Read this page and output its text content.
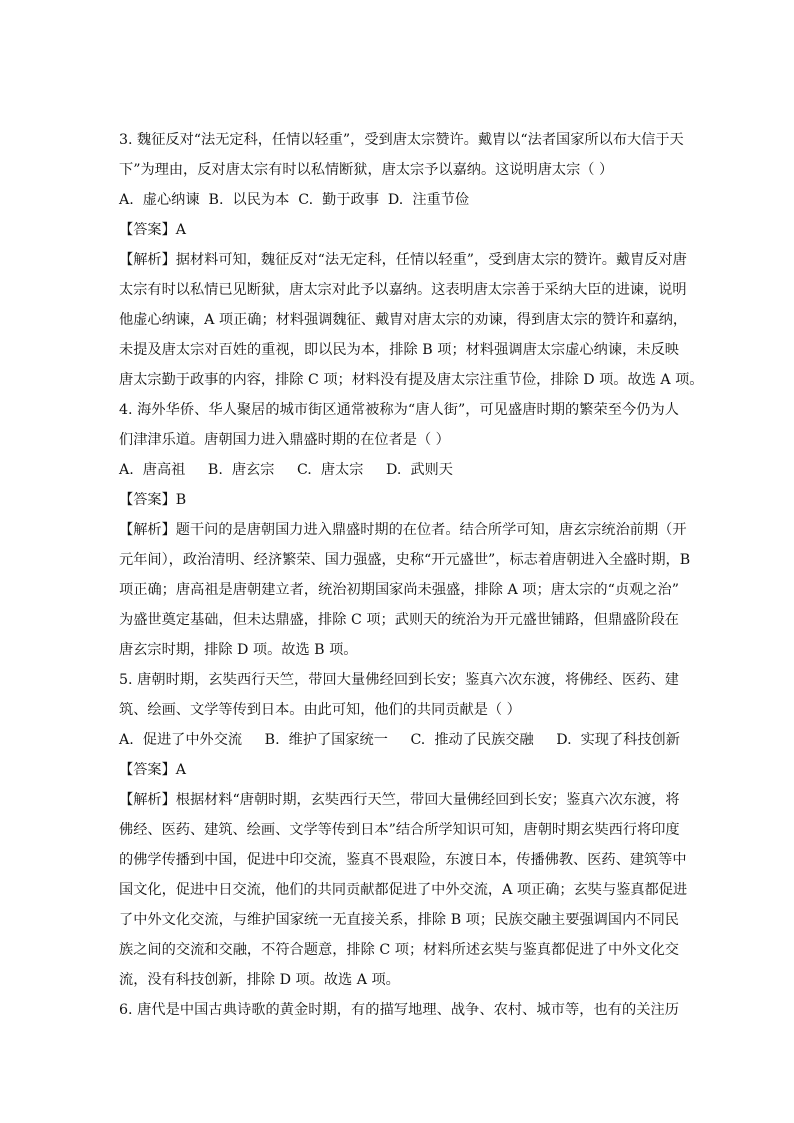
3. 魏征反对“法无定科，任情以轻重”，受到唐太宗赞许。戴胄以“法者国家所以布大信于天
下”为理由，反对唐太宗有时以私情断狱，唐太宗予以嘉纳。这说明唐太宗（ ）
A.  虚心纳谏  B.  以民为本  C.  勤于政事  D.  注重节俭
【答案】A
【解析】据材料可知，魏征反对“法无定科，任情以轻重”，受到唐太宗的赞许。戴胄反对唐
太宗有时以私情已见断狱，唐太宗对此予以嘉纳。这表明唐太宗善于采纳大臣的进谏，说明
他虚心纳谏，A 项正确；材料强调魏征、戴胄对唐太宗的劝谏，得到唐太宗的赞许和嘉纳，
未提及唐太宗对百姓的重视，即以民为本，排除 B 项；材料强调唐太宗虚心纳谏，未反映
唐太宗勤于政事的内容，排除 C 项；材料没有提及唐太宗注重节俭，排除 D 项。故选 A 项。
4. 海外华侨、华人聚居的城市街区通常被称为“唐人街”，可见盛唐时期的繁荣至今仍为人
们津津乐道。唐朝国力进入鼎盛时期的在位者是（ ）
A.  唐高祖     B.  唐玄宗     C.  唐太宗     D.  武则天
【答案】B
【解析】题干问的是唐朝国力进入鼎盛时期的在位者。结合所学可知，唐玄宗统治前期（开
元年间），政治清明、经济繁荣、国力强盛，史称“开元盛世”，标志着唐朝进入全盛时期，B
项正确；唐高祖是唐朝建立者，统治初期国家尚未强盛，排除 A 项；唐太宗的“贞观之治”
为盛世奠定基础，但未达鼎盛，排除 C 项；武则天的统治为开元盛世铺路，但鼎盛阶段在
唐玄宗时期，排除 D 项。故选 B 项。
5. 唐朝时期，玄奘西行天竺，带回大量佛经回到长安；鉴真六次东渡，将佛经、医药、建
筑、绘画、文学等传到日本。由此可知，他们的共同贡献是（ ）
A.  促进了中外交流     B.  维护了国家统一     C.  推动了民族交融     D.  实现了科技创新
【答案】A
【解析】根据材料“唐朝时期，玄奘西行天竺，带回大量佛经回到长安；鉴真六次东渡，将
佛经、医药、建筑、绘画、文学等传到日本”结合所学知识可知，唐朝时期玄奘西行将印度
的佛学传播到中国，促进中印交流，鉴真不畏艰险，东渡日本，传播佛教、医药、建筑等中
国文化，促进中日交流，他们的共同贡献都促进了中外交流，A 项正确；玄奘与鉴真都促进
了中外文化交流，与维护国家统一无直接关系，排除 B 项；民族交融主要强调国内不同民
族之间的交流和交融，不符合题意，排除 C 项；材料所述玄奘与鉴真都促进了中外文化交
流，没有科技创新，排除 D 项。故选 A 项。
6. 唐代是中国古典诗歌的黄金时期，有的描写地理、战争、农村、城市等，也有的关注历
